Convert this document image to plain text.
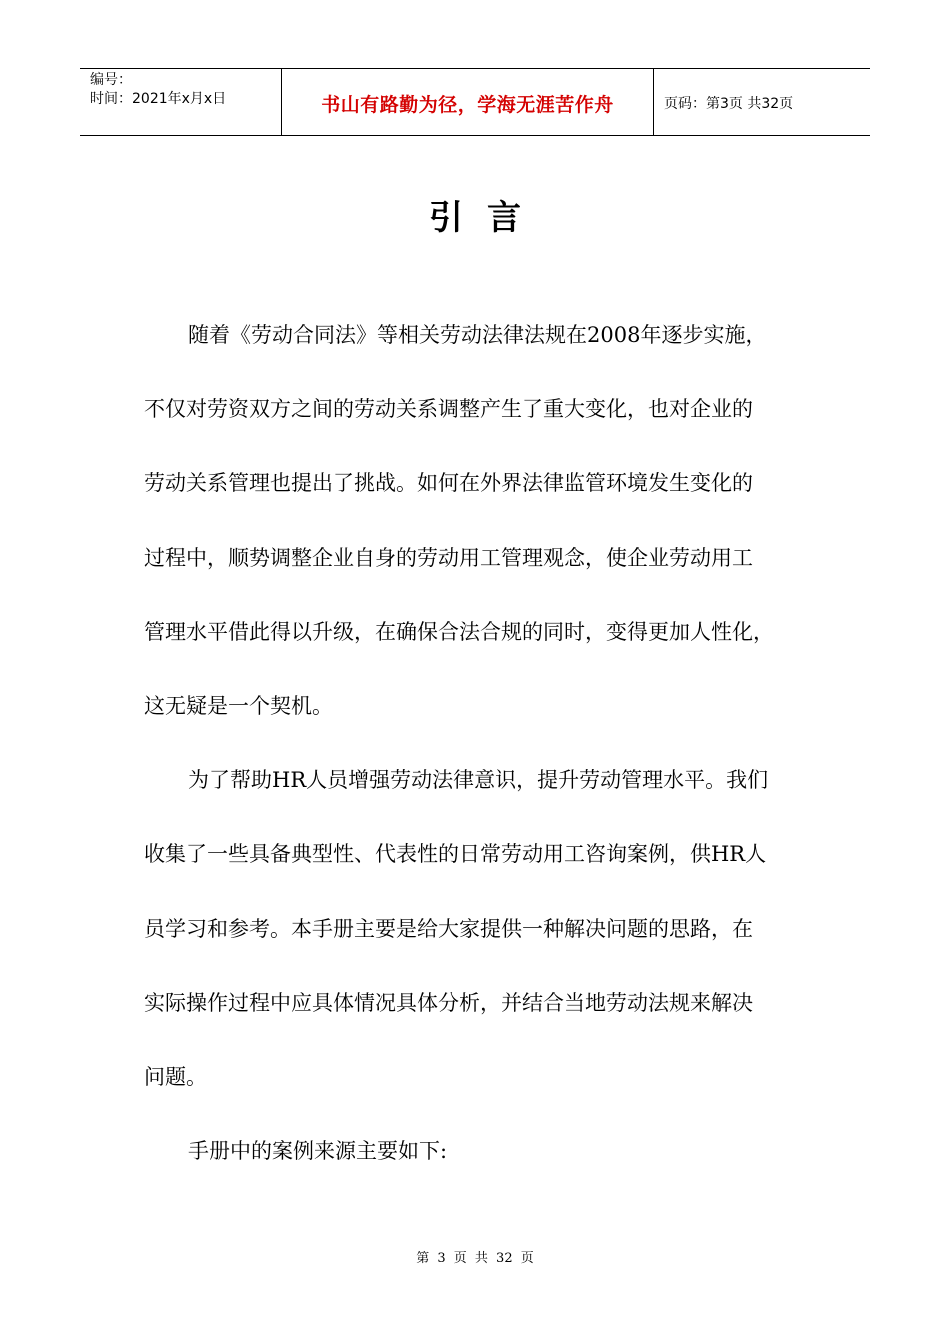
编号：
时间：2021年x月x日	书山有路勤为径，学海无涯苦作舟	页码：第3页 共32页
引言
随着《劳动合同法》等相关劳动法律法规在2008年逐步实施，
不仅对劳资双方之间的劳动关系调整产生了重大变化，也对企业的
劳动关系管理也提出了挑战。如何在外界法律监管环境发生变化的
过程中，顺势调整企业自身的劳动用工管理观念，使企业劳动用工
管理水平借此得以升级，在确保合法合规的同时，变得更加人性化，
这无疑是一个契机。
为了帮助HR人员增强劳动法律意识，提升劳动管理水平。我们
收集了一些具备典型性、代表性的日常劳动用工咨询案例，供HR人
员学习和参考。本手册主要是给大家提供一种解决问题的思路，在
实际操作过程中应具体情况具体分析，并结合当地劳动法规来解决
问题。
手册中的案例来源主要如下:
第 3 页 共 32 页
